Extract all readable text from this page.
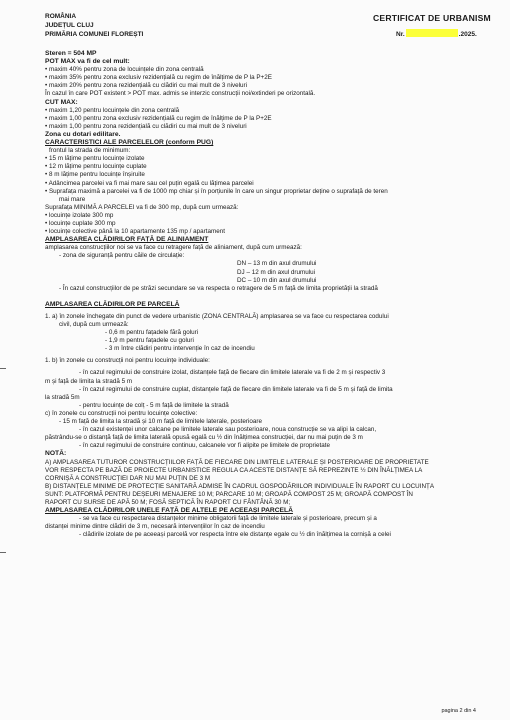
ROMÂNIA
JUDEȚUL CLUJ
PRIMĂRIA COMUNEI FLOREȘTI
CERTIFICAT DE URBANISM
Nr.	.2025.
Steren = 504 MP
POT MAX va fi de cel mult:
• maxim 40% pentru zona de locuințele din zona centrală
• maxim 35% pentru zona exclusiv rezidențială cu regim de înălțime de P la P+2E
• maxim 20% pentru zona rezidențială cu clădiri cu mai mult de 3 niveluri
În cazul în care POT existent > POT max. admis se interzic construcții noi/extinderi pe orizontală.
CUT MAX:
• maxim 1,20 pentru locuințele din zona centrală
• maxim 1,00 pentru zona exclusiv rezidențială cu regim de înălțime de P la P+2E
• maxim 1,00 pentru zona rezidențială cu clădiri cu mai mult de 3 niveluri
Zona cu dotari edilitare.
CARACTERISTICI ALE PARCELELOR (conform PUG)
frontul la strada de minimum:
• 15 m lățime pentru locuințe izolate
• 12 m lățime pentru locuințe cuplate
• 8 m lățime pentru locuințe înșiruite
• Adâncimea parcelei va fi mai mare sau cel puțin egală cu lățimea parcelei
• Suprafața maximă a parcelei va fi de 1000 mp chiar și în porțiunile în care un singur proprietar deține o suprafață de teren
mai mare
Suprafața MINIMĂ A PARCELEI va fi de 300 mp, după cum urmează:
• locuințe izolate 300 mp
• locuințe cuplate 300 mp
• locuințe colective până la 10 apartamente 135 mp / apartament
AMPLASAREA CLĂDIRILOR FAȚĂ DE ALINIAMENT
amplasarea construcțiilor noi se va face cu retragere față de aliniament, după cum urmează:
- zona de siguranță pentru căile de circulație:
DN – 13 m din axul drumului
DJ – 12 m din axul drumului
DC – 10 m din axul drumului
- În cazul construcțiilor de pe străzi secundare se va respecta o retragere de 5 m față de limita proprietății la stradă
AMPLASAREA CLĂDIRILOR PE PARCELĂ
1. a) în zonele închegate din punct de vedere urbanistic (ZONA CENTRALĂ) amplasarea se va face cu respectarea codului
civil, după cum urmează:
- 0,6 m pentru fațadele fără goluri
- 1,9 m pentru fațadele cu goluri
- 3 m între clădiri pentru intervenție în caz de incendiu
1. b) în zonele cu construcții noi pentru locuințe individuale:
- în cazul regimului de construire izolat, distanțele față de fiecare din limitele laterale va fi de 2 m și respectiv 3
m și față de limita la stradă 5 m
- în cazul regimului de construire cuplat, distanțele față de fiecare din limitele laterale va fi de 5 m și față de limita
la stradă 5m
- pentru locuințe de colț - 5 m față de limitele la stradă
c) în zonele cu construcții noi pentru locuințe colective:
- 15 m față de limita la stradă și 10 m față de limitele laterale, posterioare
- în cazul existenței unor calcane pe limitele laterale sau posterioare, noua construcție se va alipi la calcan,
păstrându-se o distanță față de limita laterală opusă egală cu ½ din înălțimea construcției, dar nu mai puțin de 3 m
- în cazul regimului de construire continuu, calcanele vor fi alipite pe limitele de proprietate
NOTĂ:
A) AMPLASAREA TUTUROR CONSTRUCȚIILOR FAȚĂ DE FIECARE DIN LIMITELE LATERALE ȘI POSTERIOARE DE PROPRIETATE
VOR RESPECTA PE BAZĂ DE PROIECTE URBANISTICE REGULA CA ACESTE DISTANȚE SĂ REPREZINTE ½ DIN ÎNĂLȚIMEA LA
CORNIȘĂ A CONSTRUCȚIEI DAR NU MAI PUȚIN DE 3 M
B) DISTANȚELE MINIME DE PROTECȚIE SANITARĂ ADMISE ÎN CADRUL GOSPODĂRIILOR INDIVIDUALE ÎN RAPORT CU LOCUINȚA
SUNT: PLATFORMĂ PENTRU DEȘEURI MENAJERE 10 M; PARCARE 10 M; GROAPĂ COMPOST 25 M; GROAPĂ COMPOST ÎN
RAPORT CU SURSE DE APĂ 50 M; FOSĂ SEPTICĂ ÎN RAPORT CU FÂNTÂNĂ 30 M;
AMPLASAREA CLĂDIRILOR UNELE FAȚĂ DE ALTELE PE ACEEAȘI PARCELĂ
- se va face cu respectarea distanțelor minime obligatorii față de limitele laterale și posterioare, precum și a
distanței minime dintre clădiri de 3 m, necesară intervențiilor în caz de incendiu
- clădirile izolate de pe aceeași parcelă vor respecta între ele distanțe egale cu ½ din înălțimea la cornișă a celei
pagina 2 din 4
